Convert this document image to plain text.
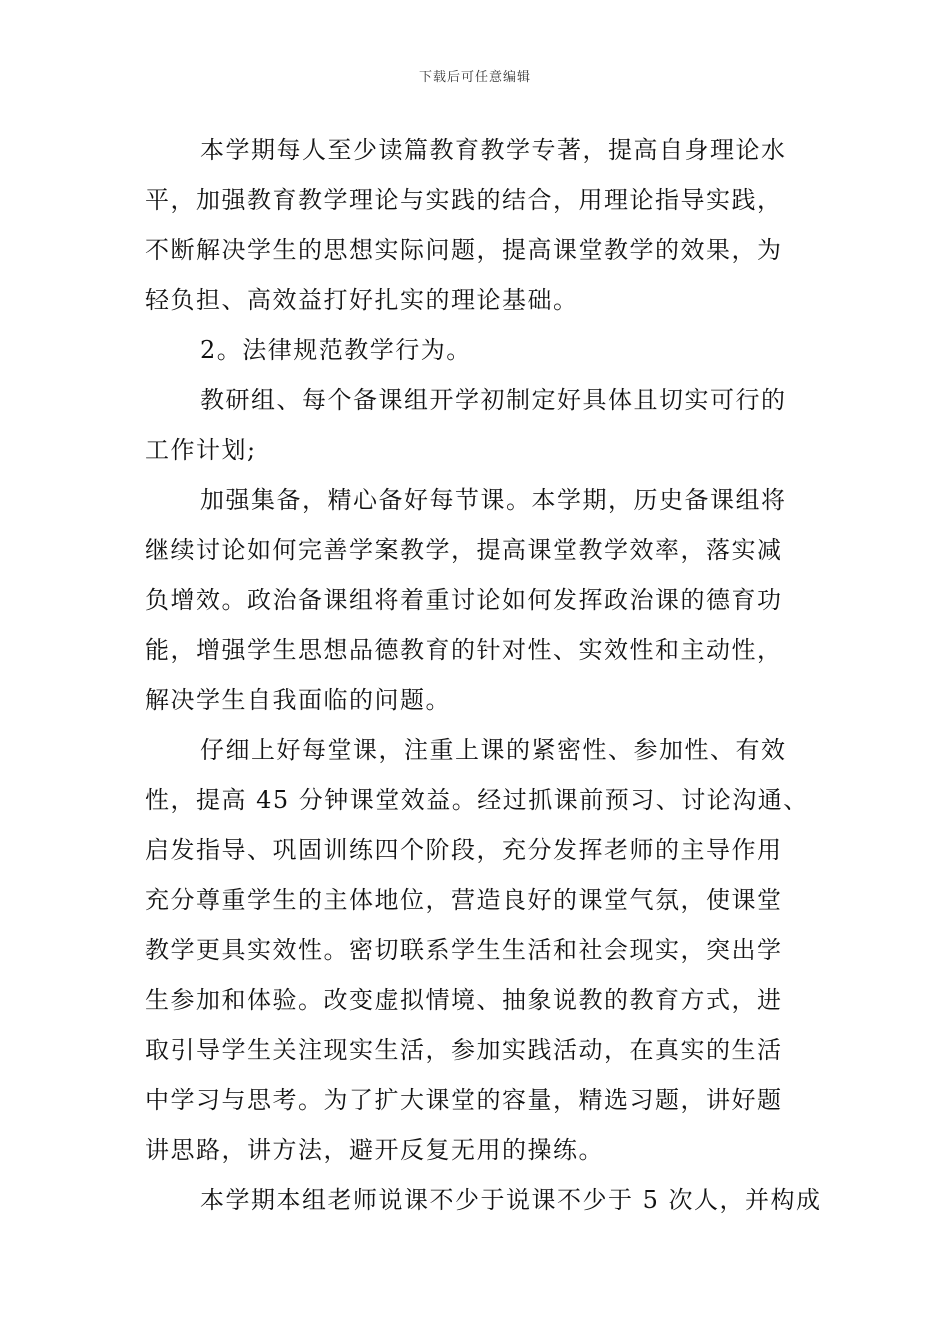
下载后可任意编辑
本学期每人至少读篇教育教学专著，提高自身理论水
平，加强教育教学理论与实践的结合，用理论指导实践，
不断解决学生的思想实际问题，提高课堂教学的效果，为
轻负担、高效益打好扎实的理论基础。
2。法律规范教学行为。
教研组、每个备课组开学初制定好具体且切实可行的
工作计划;
加强集备，精心备好每节课。本学期，历史备课组将
继续讨论如何完善学案教学，提高课堂教学效率，落实减
负增效。政治备课组将着重讨论如何发挥政治课的德育功
能，增强学生思想品德教育的针对性、实效性和主动性，
解决学生自我面临的问题。
仔细上好每堂课，注重上课的紧密性、参加性、有效
性，提高 45 分钟课堂效益。经过抓课前预习、讨论沟通、
启发指导、巩固训练四个阶段，充分发挥老师的主导作用
充分尊重学生的主体地位，营造良好的课堂气氛，使课堂
教学更具实效性。密切联系学生生活和社会现实，突出学
生参加和体验。改变虚拟情境、抽象说教的教育方式，进
取引导学生关注现实生活，参加实践活动，在真实的生活
中学习与思考。为了扩大课堂的容量，精选习题，讲好题
讲思路，讲方法，避开反复无用的操练。
本学期本组老师说课不少于说课不少于 5 次人，并构成
